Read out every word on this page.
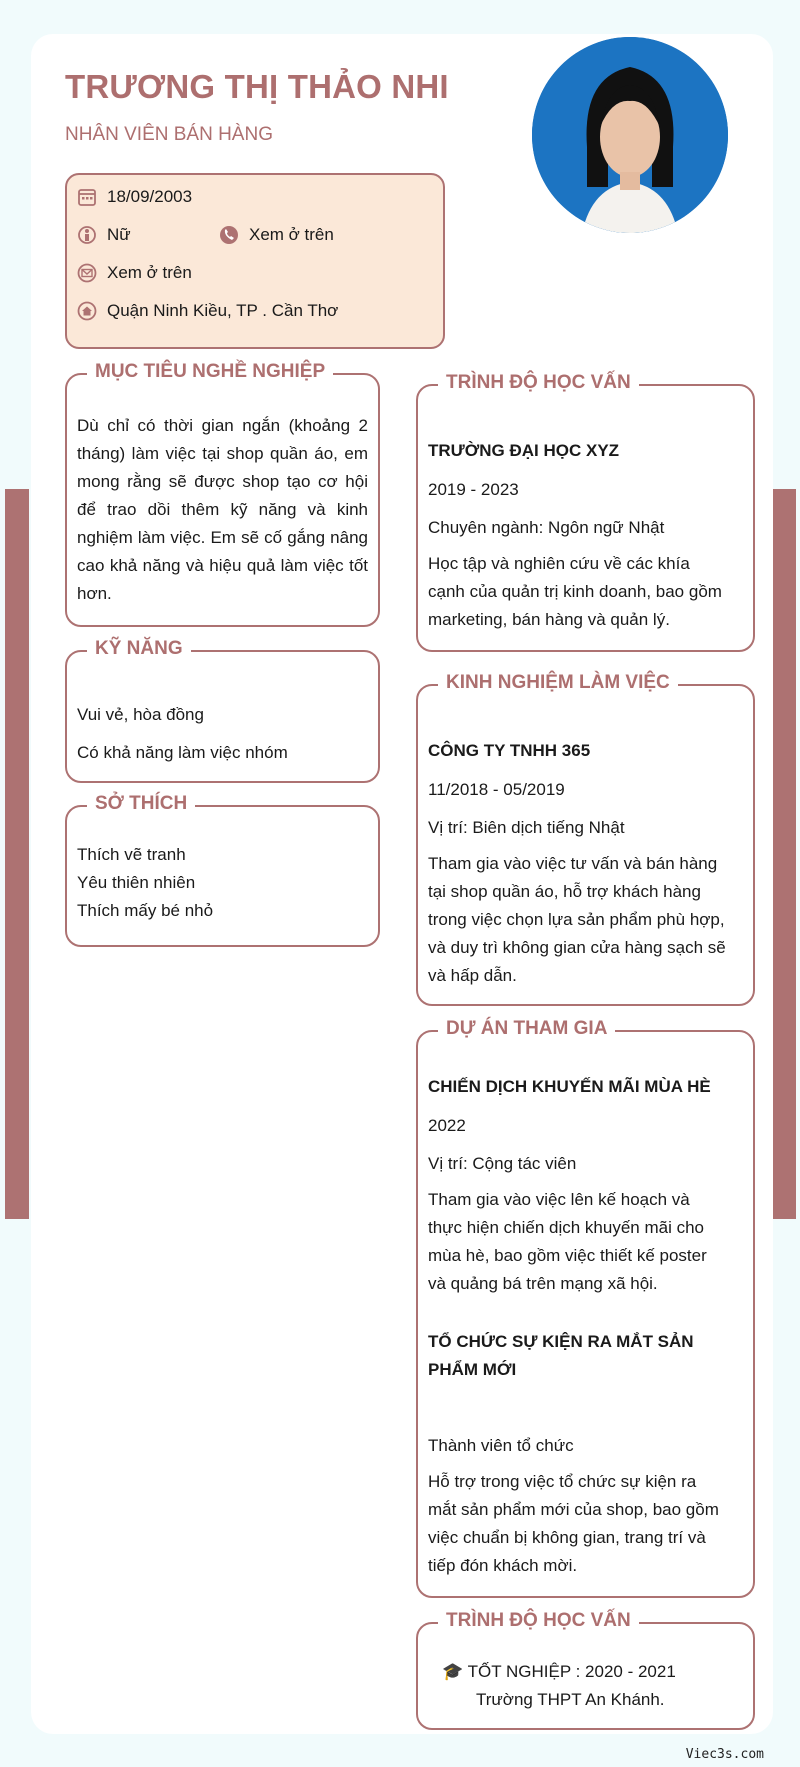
TRƯƠNG THỊ THẢO NHI
NHÂN VIÊN BÁN HÀNG
18/09/2003
Nữ	Xem ở trên
Xem ở trên
Quận Ninh Kiều, TP . Cần Thơ
MỤC TIÊU NGHỀ NGHIỆP
Dù chỉ có thời gian ngắn (khoảng 2 tháng) làm việc tại shop quần áo, em mong rằng sẽ được shop tạo cơ hội để trao dồi thêm kỹ năng và kinh nghiệm làm việc. Em sẽ cố gắng nâng cao khả năng và hiệu quả làm việc tốt hơn.
KỸ NĂNG
Vui vẻ, hòa đồng
Có khả năng làm việc nhóm
SỞ THÍCH
Thích vẽ tranh
Yêu thiên nhiên
Thích mấy bé nhỏ
TRÌNH ĐỘ HỌC VẤN
TRƯỜNG ĐẠI HỌC XYZ
2019 - 2023
Chuyên ngành: Ngôn ngữ Nhật
Học tập và nghiên cứu về các khía cạnh của quản trị kinh doanh, bao gồm marketing, bán hàng và quản lý.
KINH NGHIỆM LÀM VIỆC
CÔNG TY TNHH 365
11/2018 - 05/2019
Vị trí: Biên dịch tiếng Nhật
Tham gia vào việc tư vấn và bán hàng tại shop quần áo, hỗ trợ khách hàng trong việc chọn lựa sản phẩm phù hợp, và duy trì không gian cửa hàng sạch sẽ và hấp dẫn.
DỰ ÁN THAM GIA
CHIẾN DỊCH KHUYẾN MÃI MÙA HÈ
2022
Vị trí: Cộng tác viên
Tham gia vào việc lên kế hoạch và thực hiện chiến dịch khuyến mãi cho mùa hè, bao gồm việc thiết kế poster và quảng bá trên mạng xã hội.
TỔ CHỨC SỰ KIỆN RA MẮT SẢN PHẨM MỚI
Thành viên tổ chức
Hỗ trợ trong việc tổ chức sự kiện ra mắt sản phẩm mới của shop, bao gồm việc chuẩn bị không gian, trang trí và tiếp đón khách mời.
TRÌNH ĐỘ HỌC VẤN
🎓 TỐT NGHIỆP : 2020 - 2021
Trường THPT An Khánh.
Viec3s.com
